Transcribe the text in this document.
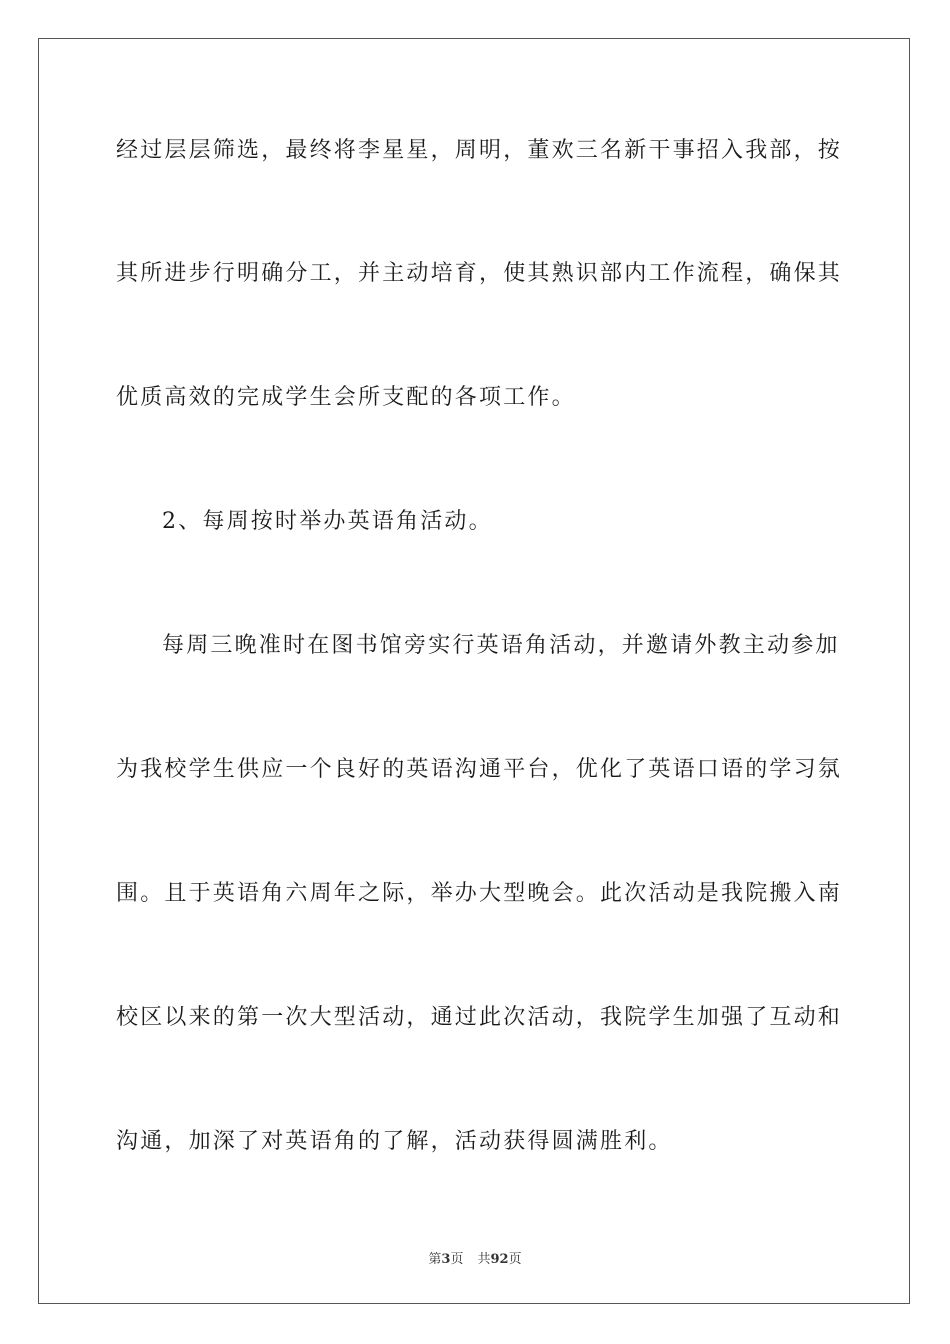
经过层层筛选，最终将李星星，周明，董欢三名新干事招入我部，按
其所进步行明确分工，并主动培育，使其熟识部内工作流程，确保其
优质高效的完成学生会所支配的各项工作。
2、每周按时举办英语角活动。
每周三晚准时在图书馆旁实行英语角活动，并邀请外教主动参加
为我校学生供应一个良好的英语沟通平台，优化了英语口语的学习氛
围。且于英语角六周年之际，举办大型晚会。此次活动是我院搬入南
校区以来的第一次大型活动，通过此次活动，我院学生加强了互动和
沟通，加深了对英语角的了解，活动获得圆满胜利。
第3页 共92页
